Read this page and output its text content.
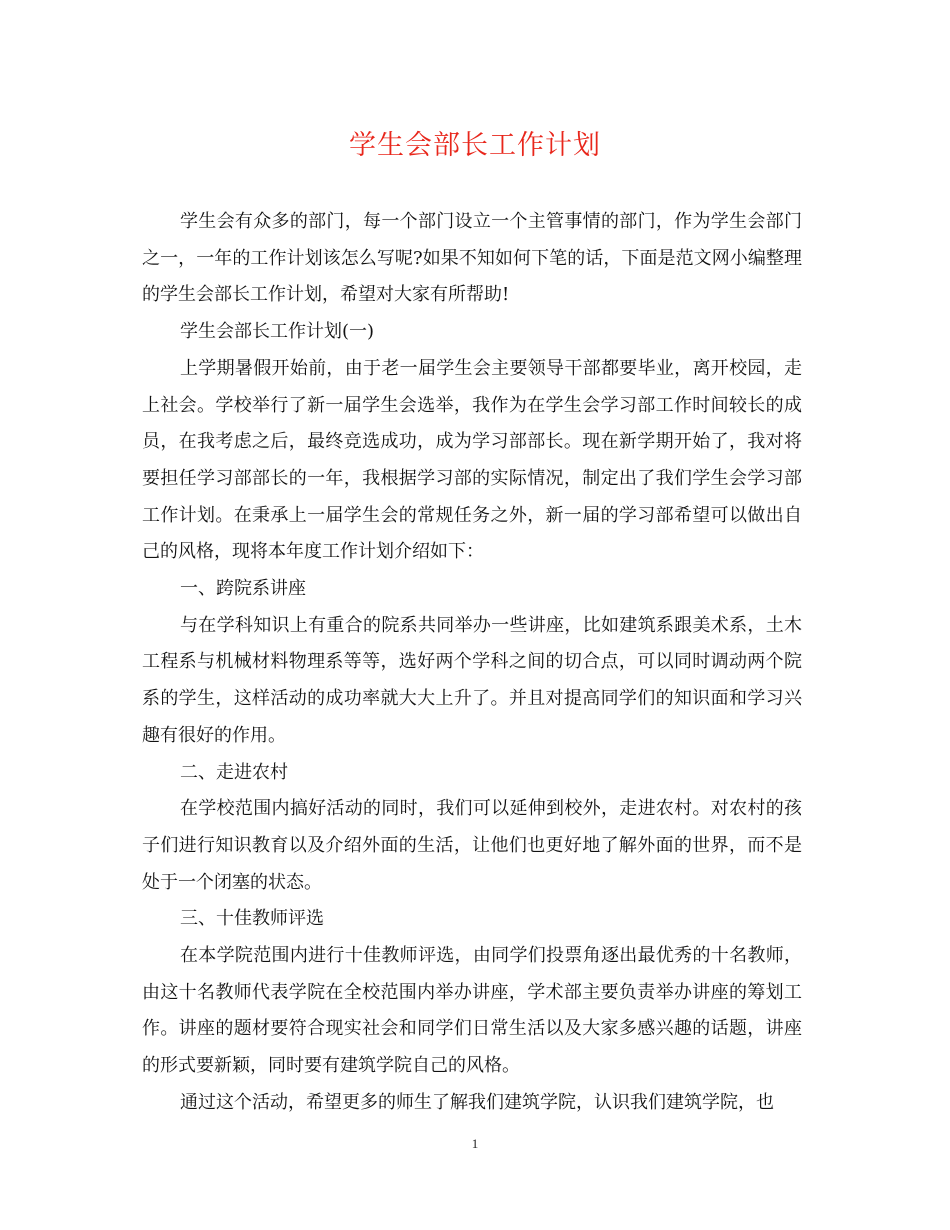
学生会部长工作计划

学生会有众多的部门，每一个部门设立一个主管事情的部门，作为学生会部门之一，一年的工作计划该怎么写呢?如果不知如何下笔的话，下面是范文网小编整理的学生会部长工作计划，希望对大家有所帮助!

学生会部长工作计划(一)

上学期暑假开始前，由于老一届学生会主要领导干部都要毕业，离开校园，走上社会。学校举行了新一届学生会选举，我作为在学生会学习部工作时间较长的成员，在我考虑之后，最终竞选成功，成为学习部部长。现在新学期开始了，我对将要担任学习部部长的一年，我根据学习部的实际情况，制定出了我们学生会学习部工作计划。在秉承上一届学生会的常规任务之外，新一届的学习部希望可以做出自己的风格，现将本年度工作计划介绍如下：

一、跨院系讲座

与在学科知识上有重合的院系共同举办一些讲座，比如建筑系跟美术系，土木工程系与机械材料物理系等等，选好两个学科之间的切合点，可以同时调动两个院系的学生，这样活动的成功率就大大上升了。并且对提高同学们的知识面和学习兴趣有很好的作用。

二、走进农村

在学校范围内搞好活动的同时，我们可以延伸到校外，走进农村。对农村的孩子们进行知识教育以及介绍外面的生活，让他们也更好地了解外面的世界，而不是处于一个闭塞的状态。

三、十佳教师评选

在本学院范围内进行十佳教师评选，由同学们投票角逐出最优秀的十名教师，由这十名教师代表学院在全校范围内举办讲座，学术部主要负责举办讲座的筹划工作。讲座的题材要符合现实社会和同学们日常生活以及大家多感兴趣的话题，讲座的形式要新颖，同时要有建筑学院自己的风格。

通过这个活动，希望更多的师生了解我们建筑学院，认识我们建筑学院，也

1
